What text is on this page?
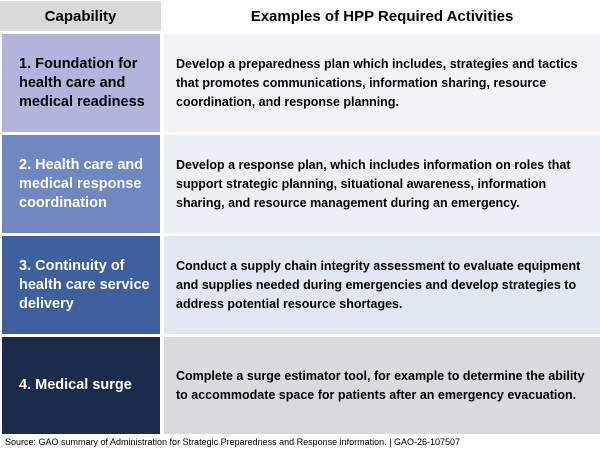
Capability	Examples of HPP Required Activities
1. Foundation for health care and medical readiness
Develop a preparedness plan which includes, strategies and tactics that promotes communications, information sharing, resource coordination, and response planning.
2. Health care and medical response coordination
Develop a response plan, which includes information on roles that support strategic planning, situational awareness, information sharing, and resource management during an emergency.
3. Continuity of health care service delivery
Conduct a supply chain integrity assessment to evaluate equipment and supplies needed during emergencies and develop strategies to address potential resource shortages.
4. Medical surge
Complete a surge estimator tool, for example to determine the ability to accommodate space for patients after an emergency evacuation.
Source: GAO summary of Administration for Strategic Preparedness and Response information. | GAO-26-107507
